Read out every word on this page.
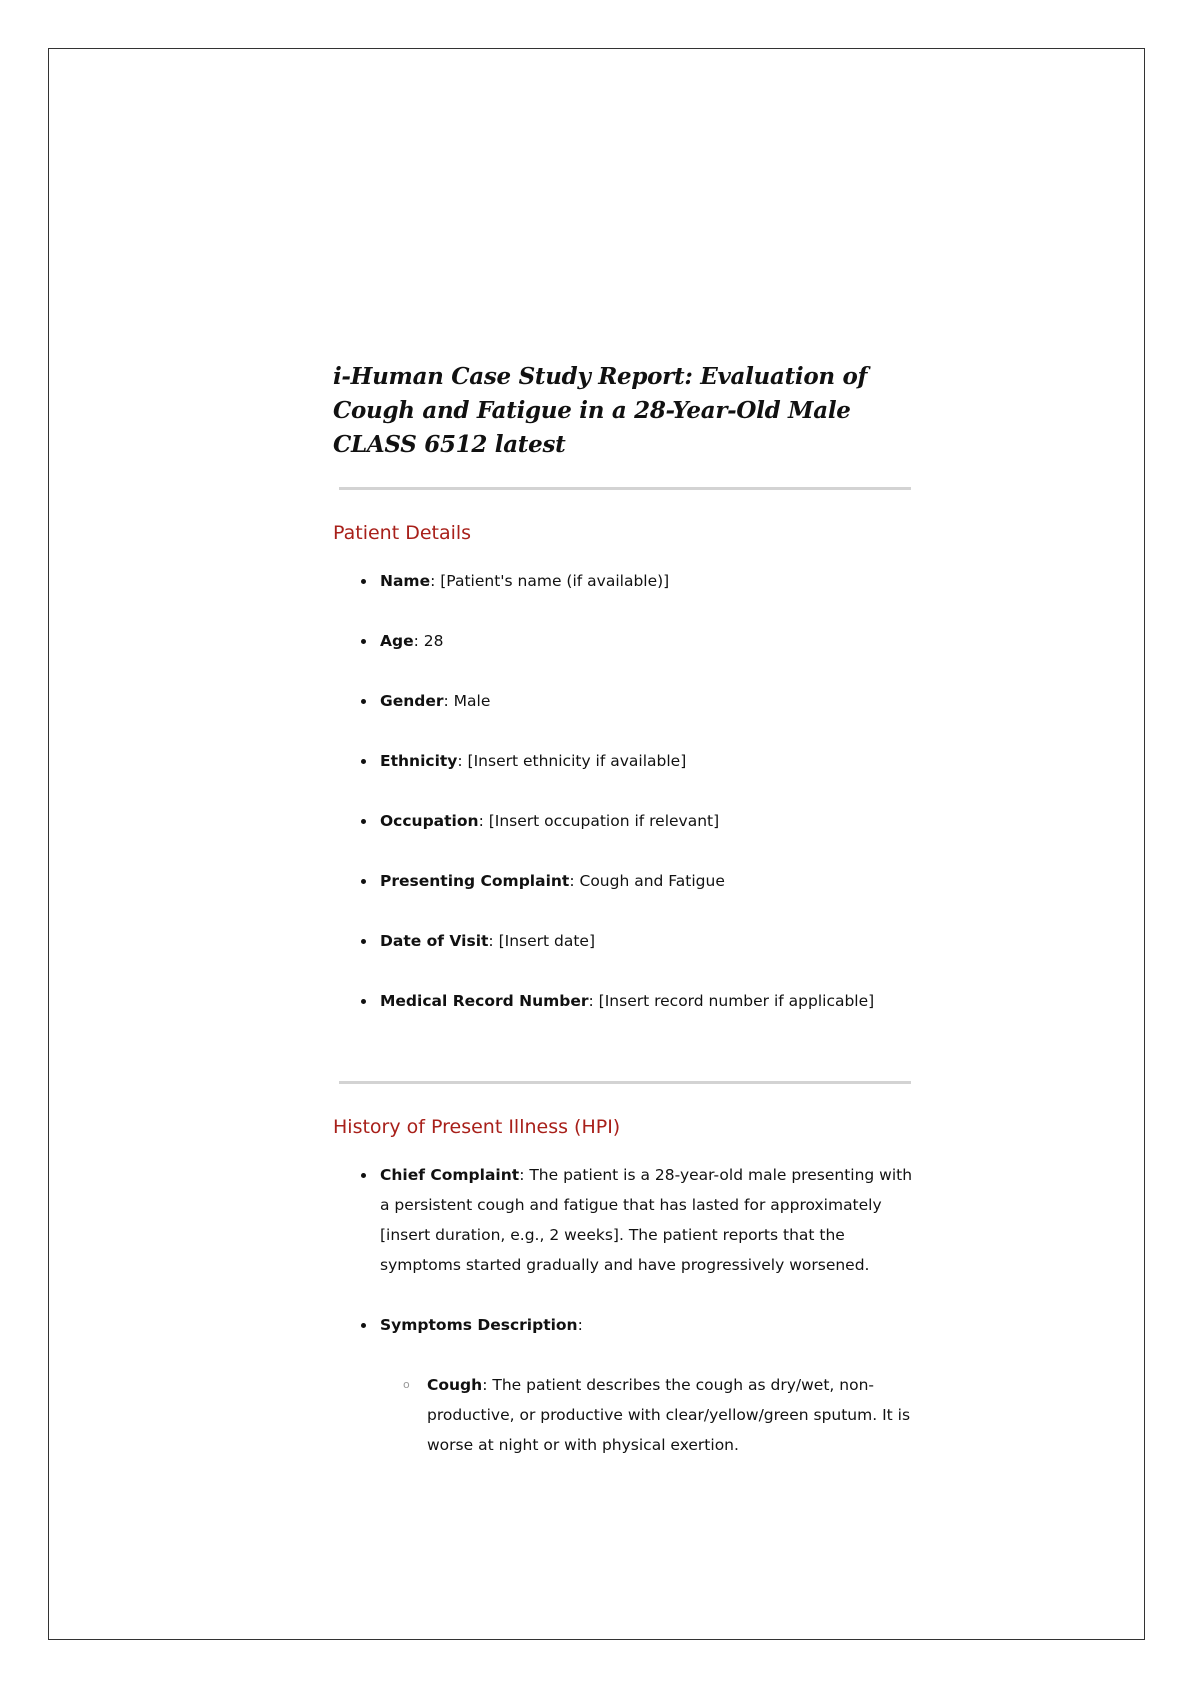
i-Human Case Study Report: Evaluation of Cough and Fatigue in a 28-Year-Old Male CLASS 6512 latest
Patient Details
Name: [Patient's name (if available)]
Age: 28
Gender: Male
Ethnicity: [Insert ethnicity if available]
Occupation: [Insert occupation if relevant]
Presenting Complaint: Cough and Fatigue
Date of Visit: [Insert date]
Medical Record Number: [Insert record number if applicable]
History of Present Illness (HPI)
Chief Complaint: The patient is a 28-year-old male presenting with a persistent cough and fatigue that has lasted for approximately [insert duration, e.g., 2 weeks]. The patient reports that the symptoms started gradually and have progressively worsened.
Symptoms Description:
o Cough: The patient describes the cough as dry/wet, non-productive, or productive with clear/yellow/green sputum. It is worse at night or with physical exertion.
